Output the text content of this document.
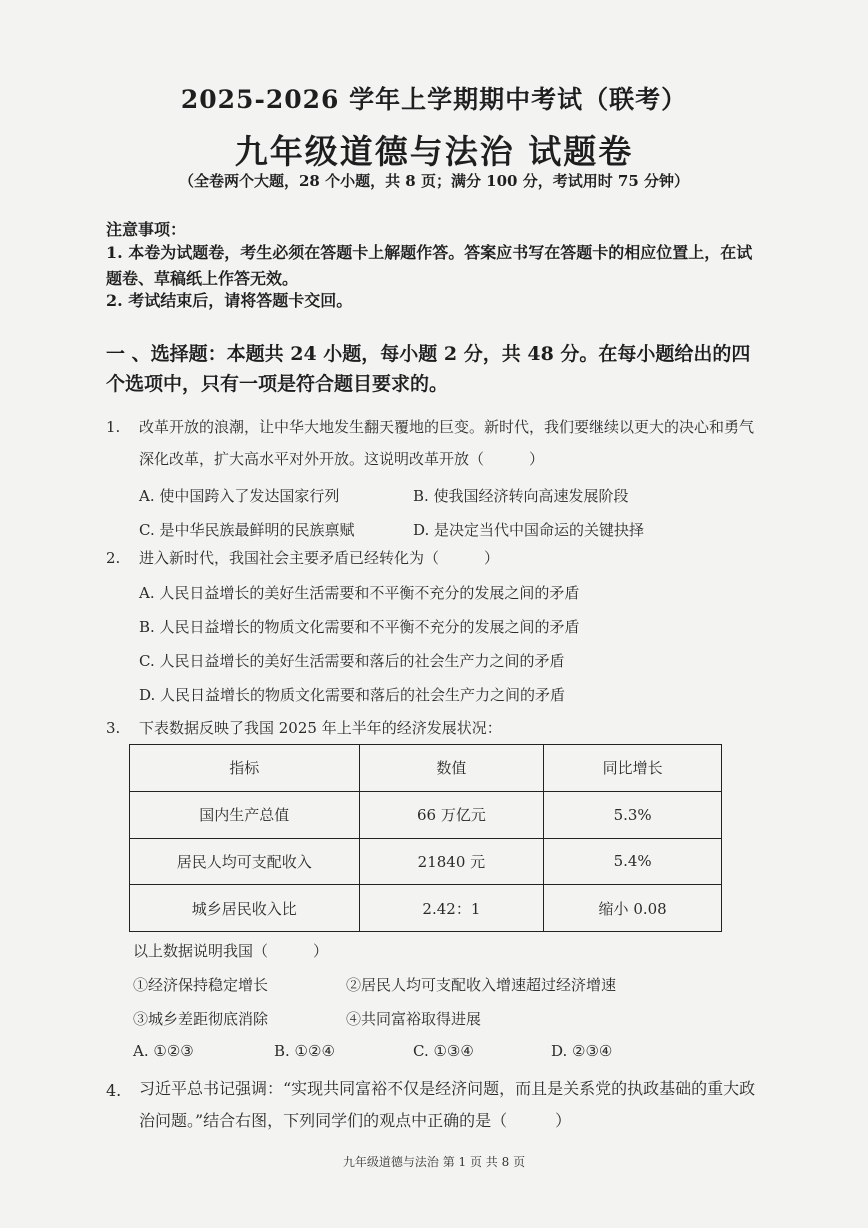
2025-2026 学年上学期期中考试（联考）
九年级道德与法治 试题卷
（全卷两个大题，28 个小题，共 8 页；满分 100 分，考试用时 75 分钟）
注意事项：
1. 本卷为试题卷，考生必须在答题卡上解题作答。答案应书写在答题卡的相应位置上，在试题卷、草稿纸上作答无效。
2. 考试结束后，请将答题卡交回。
一 、选择题：本题共 24 小题，每小题 2 分，共 48 分。在每小题给出的四个选项中，只有一项是符合题目要求的。
1. 改革开放的浪潮，让中华大地发生翻天覆地的巨变。新时代，我们要继续以更大的决心和勇气深化改革，扩大高水平对外开放。这说明改革开放（　　　）
A. 使中国跨入了发达国家行列	B. 使我国经济转向高速发展阶段
C. 是中华民族最鲜明的民族禀赋	D. 是决定当代中国命运的关键抉择
2. 进入新时代，我国社会主要矛盾已经转化为（　　　）
A. 人民日益增长的美好生活需要和不平衡不充分的发展之间的矛盾
B. 人民日益增长的物质文化需要和不平衡不充分的发展之间的矛盾
C. 人民日益增长的美好生活需要和落后的社会生产力之间的矛盾
D. 人民日益增长的物质文化需要和落后的社会生产力之间的矛盾
3. 下表数据反映了我国 2025 年上半年的经济发展状况：
指标	数值	同比增长
国内生产总值	66 万亿元	5.3%
居民人均可支配收入	21840 元	5.4%
城乡居民收入比	2.42：1	缩小 0.08
以上数据说明我国（　　　）
①经济保持稳定增长	②居民人均可支配收入增速超过经济增速
③城乡差距彻底消除	④共同富裕取得进展
A. ①②③	B. ①②④	C. ①③④	D. ②③④
4. 习近平总书记强调：“实现共同富裕不仅是经济问题，而且是关系党的执政基础的重大政治问题。”结合右图，下列同学们的观点中正确的是（　　　）
九年级道德与法治 第 1 页 共 8 页
